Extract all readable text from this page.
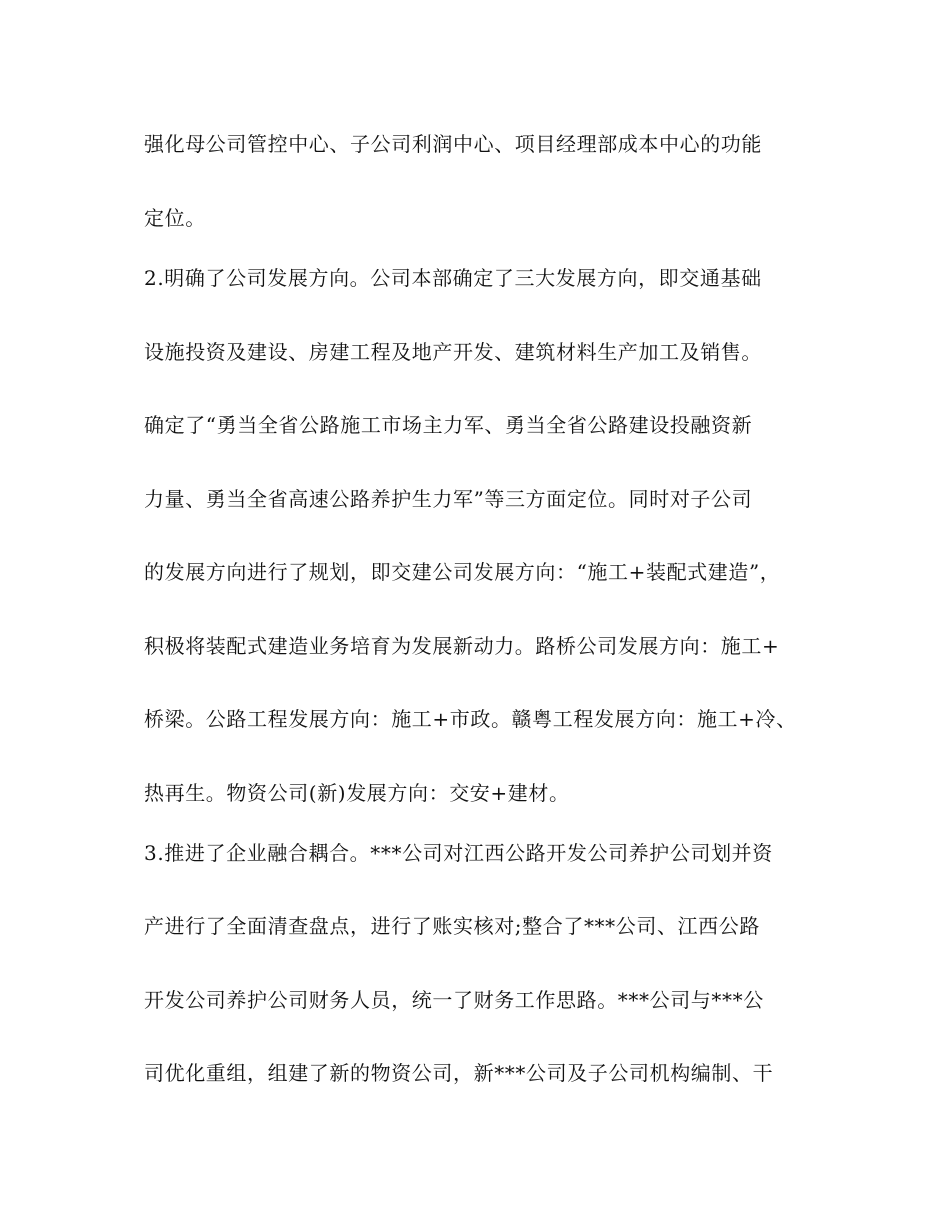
强化母公司管控中心、子公司利润中心、项目经理部成本中心的功能
定位。
2.明确了公司发展方向。公司本部确定了三大发展方向，即交通基础
设施投资及建设、房建工程及地产开发、建筑材料生产加工及销售。
确定了“勇当全省公路施工市场主力军、勇当全省公路建设投融资新
力量、勇当全省高速公路养护生力军”等三方面定位。同时对子公司
的发展方向进行了规划，即交建公司发展方向：“施工+装配式建造”，
积极将装配式建造业务培育为发展新动力。路桥公司发展方向：施工+
桥梁。公路工程发展方向：施工+市政。赣粤工程发展方向：施工+冷、
热再生。物资公司(新)发展方向：交安+建材。
3.推进了企业融合耦合。***公司对江西公路开发公司养护公司划并资
产进行了全面清查盘点，进行了账实核对;整合了***公司、江西公路
开发公司养护公司财务人员，统一了财务工作思路。***公司与***公
司优化重组，组建了新的物资公司，新***公司及子公司机构编制、干
